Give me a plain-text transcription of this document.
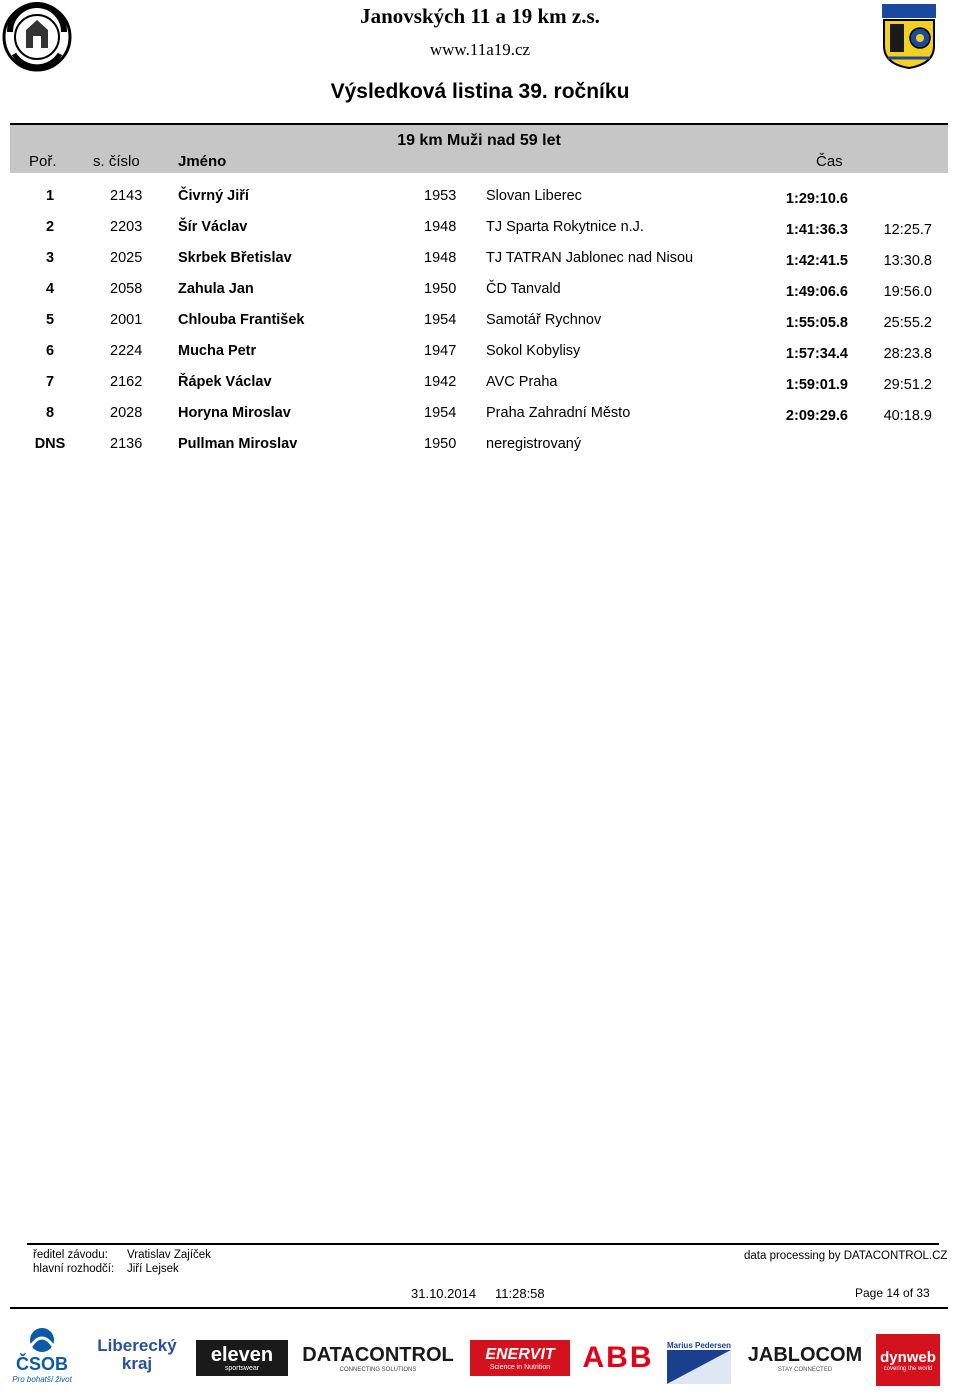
Janovských 11 a 19 km z.s.
www.11a19.cz
Výsledková listina 39. ročníku
19 km Muži nad 59 let
Poř. s. číslo	Jméno	Čas
1	2143 Čivrný Jiří	1953 Slovan Liberec	1:29:10.6
2	2203 Šír Václav	1948 TJ Sparta Rokytnice n.J.	1:41:36.3	12:25.7
3	2025 Skrbek Břetislav	1948 TJ TATRAN Jablonec nad Nisou	1:42:41.5	13:30.8
4	2058 Zahula Jan	1950 ČD Tanvald	1:49:06.6	19:56.0
5	2001 Chlouba František	1954 Samotář Rychnov	1:55:05.8	25:55.2
6	2224 Mucha Petr	1947 Sokol Kobylisy	1:57:34.4	28:23.8
7	2162 Řápek Václav	1942 AVC Praha	1:59:01.9	29:51.2
8	2028 Horyna Miroslav	1954 Praha Zahradní Město	2:09:29.6	40:18.9
DNS	2136 Pullman Miroslav	1950 neregistrovaný
ředitel závodu: Vratislav Zajíček
hlavní rozhodčí: Jiří Lejsek
data processing by DATACONTROL.CZ
31.10.2014 11:28:58	Page 14 of 33
ČSOB
Pro bohatší život
Liberecký kraj	eleven
sportswear
DATACONTROL
CONNECTING SOLUTIONS
ENERVIT
Science in Nutrition ABB Marius Pedersen JABLOCOM
STAY CONNECTED
dynweb
covering the world
